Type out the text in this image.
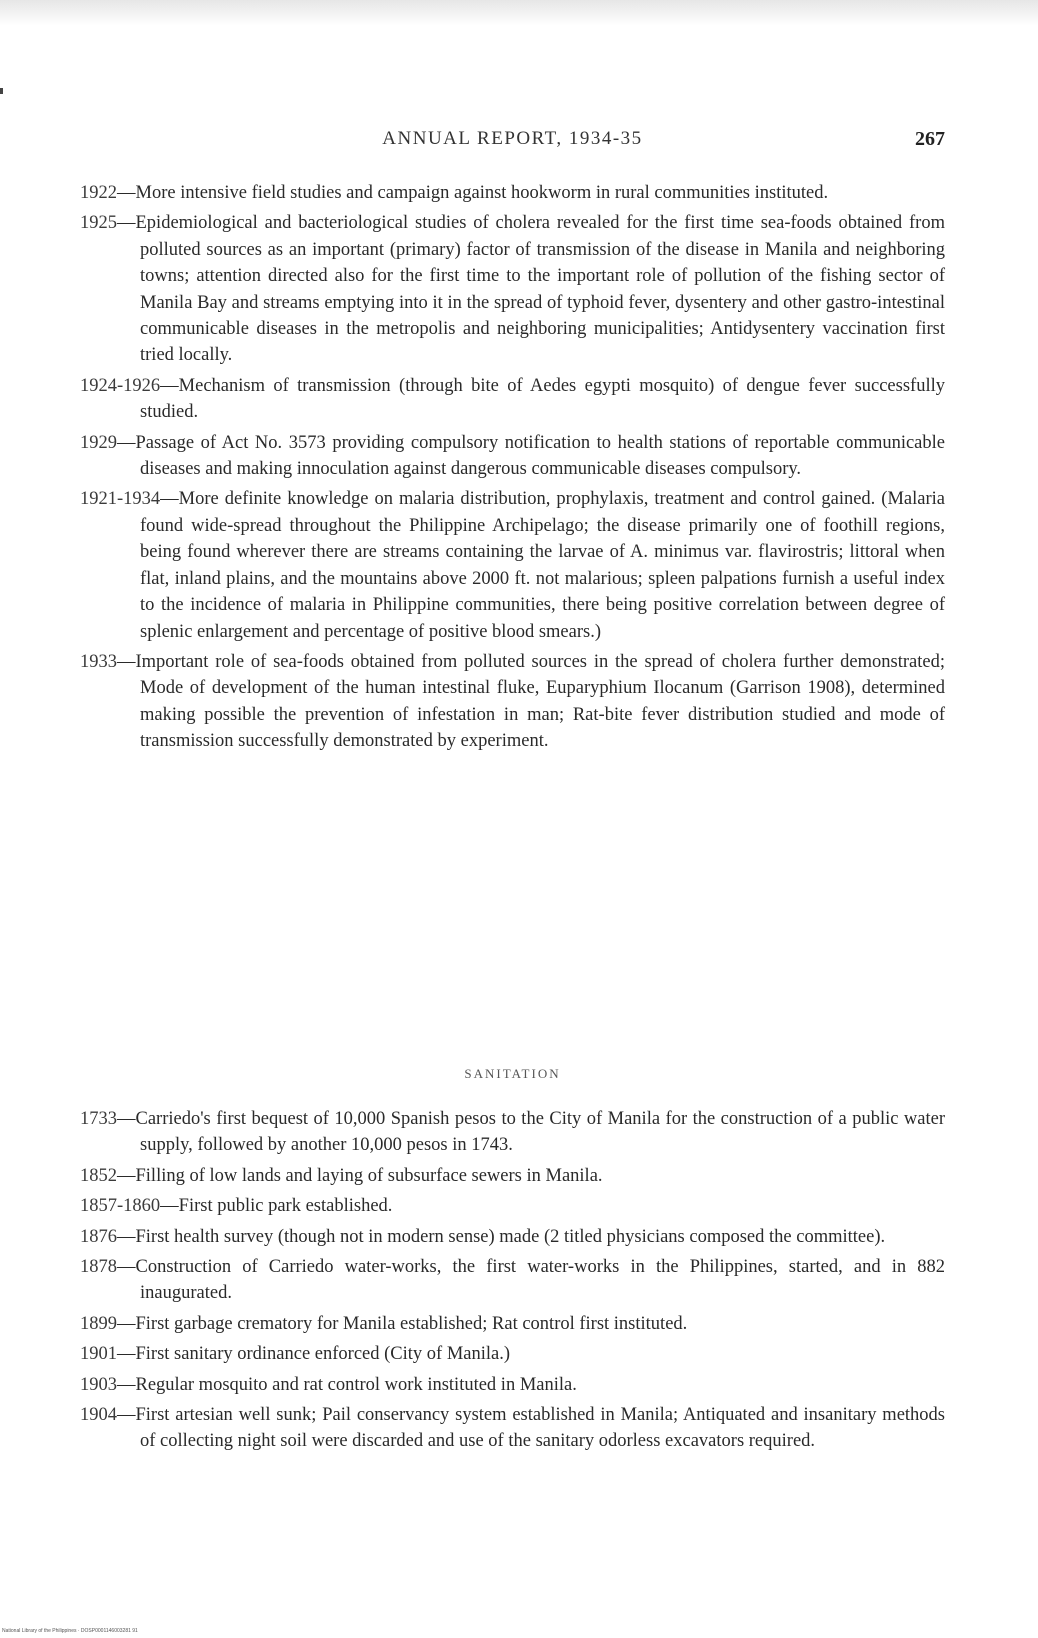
ANNUAL REPORT, 1934-35	267

1922—More intensive field studies and campaign against hookworm in rural communities instituted.

1925—Epidemiological and bacteriological studies of cholera revealed for the first time sea-foods obtained from polluted sources as an important (primary) factor of transmission of the disease in Manila and neighboring towns; attention directed also for the first time to the important role of pollution of the fishing sector of Manila Bay and streams emptying into it in the spread of typhoid fever, dysentery and other gastro-intestinal communicable diseases in the metropolis and neighboring municipalities; Antidysentery vaccination first tried locally.

1924-1926—Mechanism of transmission (through bite of Aedes egypti mosquito) of dengue fever successfully studied.

1929—Passage of Act No. 3573 providing compulsory notification to health stations of reportable communicable diseases and making innoculation against dangerous communicable diseases compulsory.

1921-1934—More definite knowledge on malaria distribution, prophylaxis, treatment and control gained. (Malaria found wide-spread throughout the Philippine Archipelago; the disease primarily one of foothill regions, being found wherever there are streams containing the larvae of A. minimus var. flavirostris; littoral when flat, inland plains, and the mountains above 2000 ft. not malarious; spleen palpations furnish a useful index to the incidence of malaria in Philippine communities, there being positive correlation between degree of splenic enlargement and percentage of positive blood smears.)

1933—Important role of sea-foods obtained from polluted sources in the spread of cholera further demonstrated; Mode of development of the human intestinal fluke, Euparyphium Ilocanum (Garrison 1908), determined making possible the prevention of infestation in man; Rat-bite fever distribution studied and mode of transmission successfully demonstrated by experiment.

SANITATION

1733—Carriedo's first bequest of 10,000 Spanish pesos to the City of Manila for the construction of a public water supply, followed by another 10,000 pesos in 1743.

1852—Filling of low lands and laying of subsurface sewers in Manila.

1857-1860—First public park established.

1876—First health survey (though not in modern sense) made (2 titled physicians composed the committee).

1878—Construction of Carriedo water-works, the first water-works in the Philippines, started, and in 882 inaugurated.

1899—First garbage crematory for Manila established; Rat control first instituted.

1901—First sanitary ordinance enforced (City of Manila.)

1903—Regular mosquito and rat control work instituted in Manila.

1904—First artesian well sunk; Pail conservancy system established in Manila; Antiquated and insanitary methods of collecting night soil were discarded and use of the sanitary odorless excavators required.

National Library of the Philippines · DOSP0001146003281 91
